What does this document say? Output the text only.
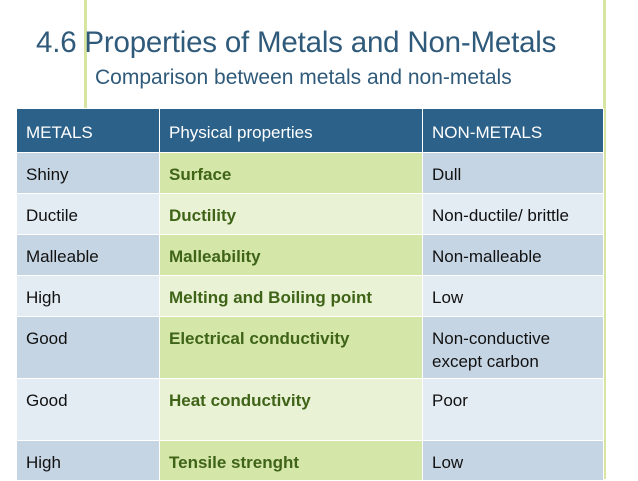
4.6 Properties of Metals and Non-Metals
Comparison between metals and non-metals
METALS	Physical properties	NON-METALS
Shiny	Surface	Dull
Ductile	Ductility	Non-ductile/ brittle
Malleable	Malleability	Non-malleable
High	Melting and Boiling point	Low
Good	Electrical conductivity	Non-conductive except carbon
Good	Heat conductivity	Poor
High	Tensile strenght	Low
